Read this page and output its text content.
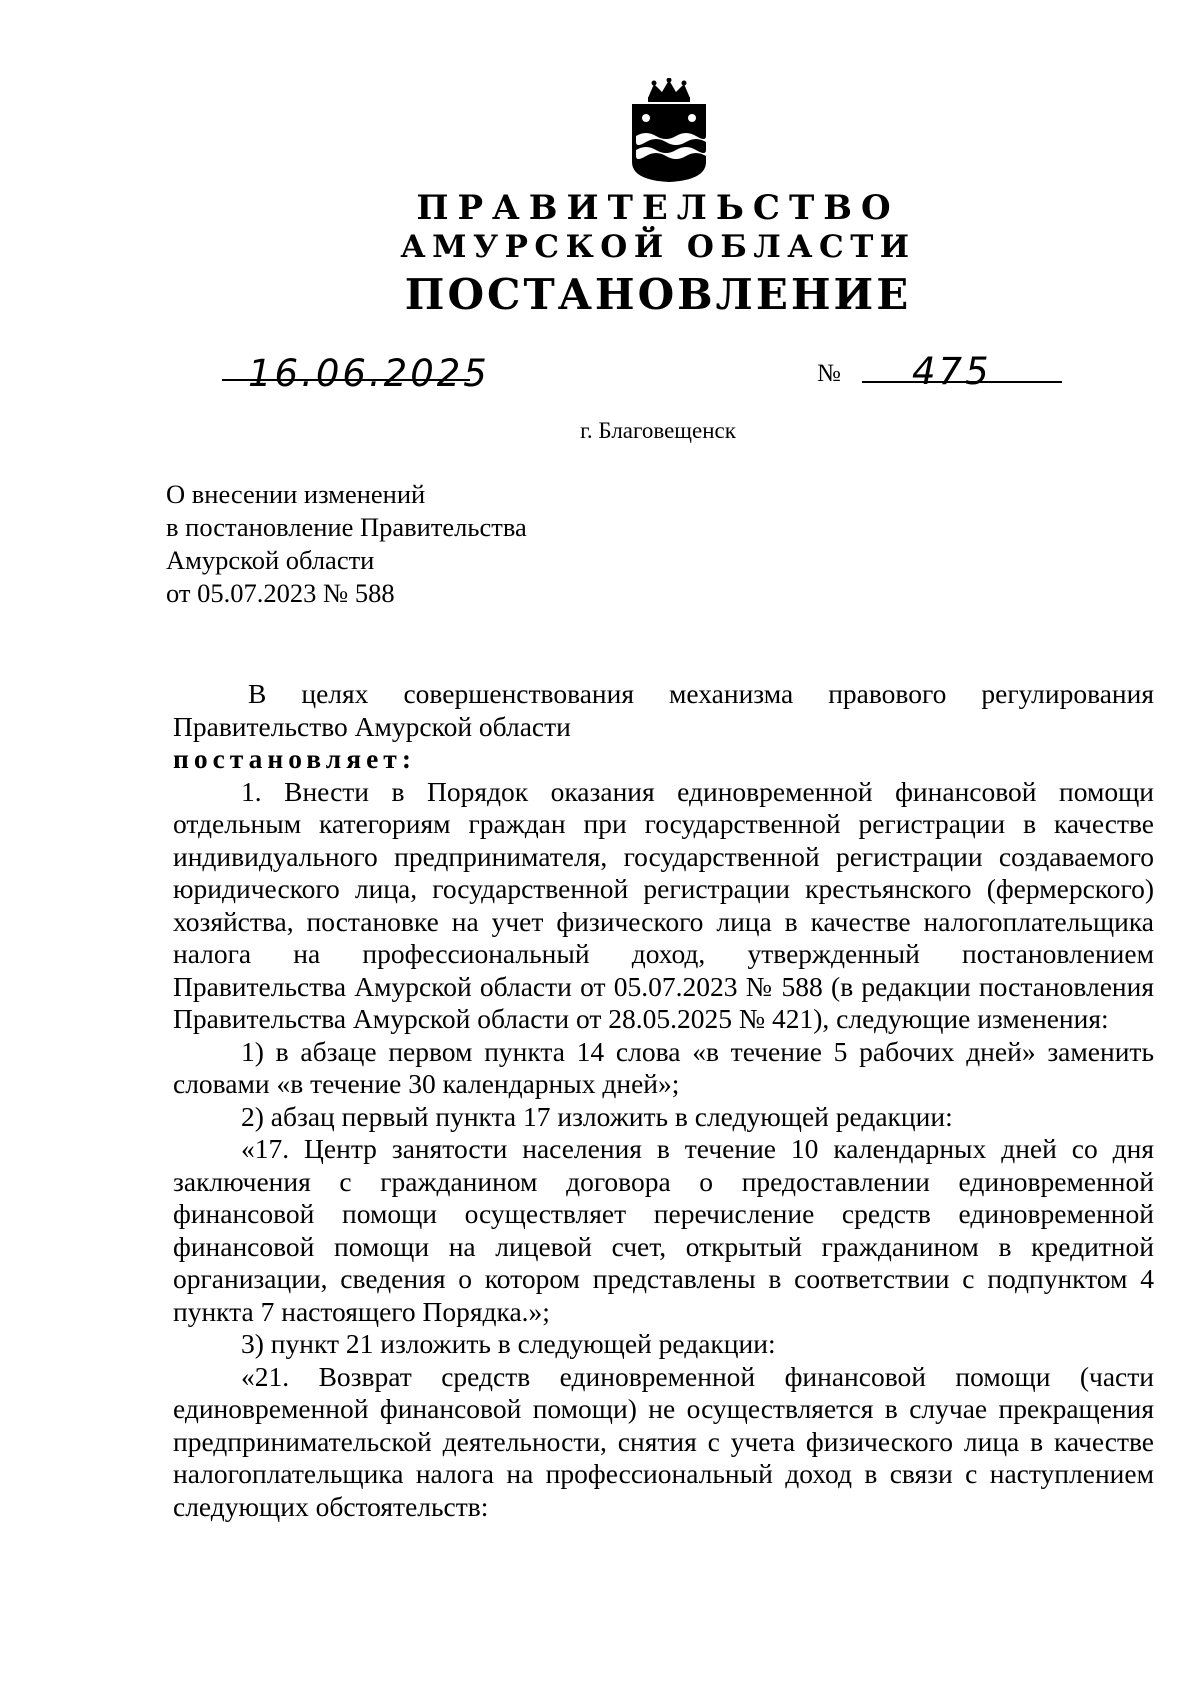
ПРАВИТЕЛЬСТВО
АМУРСКОЙ ОБЛАСТИ
ПОСТАНОВЛЕНИЕ
16.06.2025	№ 475
г. Благовещенск
О внесении изменений
в постановление Правительства
Амурской области
от 05.07.2023 № 588

В целях совершенствования механизма правового регулирования

Правительство Амурской области

постановляет:

1. Внести в Порядок оказания единовременной финансовой помощи отдельным категориям граждан при государственной регистрации в качестве индивидуального предпринимателя, государственной регистрации создаваемого юридического лица, государственной регистрации крестьянского (фермерского) хозяйства, постановке на учет физического лица в качестве налогоплательщика налога на профессиональный доход, утвержденный постановлением Правительства Амурской области от 05.07.2023 № 588 (в редакции постановления Правительства Амурской области от 28.05.2025 № 421), следующие изменения:

1) в абзаце первом пункта 14 слова «в течение 5 рабочих дней» заменить словами «в течение 30 календарных дней»;

2) абзац первый пункта 17 изложить в следующей редакции:

«17. Центр занятости населения в течение 10 календарных дней со дня заключения с гражданином договора о предоставлении единовременной финансовой помощи осуществляет перечисление средств единовременной финансовой помощи на лицевой счет, открытый гражданином в кредитной организации, сведения о котором представлены в соответствии с подпунктом 4 пункта 7 настоящего Порядка.»;

3) пункт 21 изложить в следующей редакции:

«21. Возврат средств единовременной финансовой помощи (части единовременной финансовой помощи) не осуществляется в случае прекращения предпринимательской деятельности, снятия с учета физического лица в качестве налогоплательщика налога на профессиональный доход в связи с наступлением следующих обстоятельств:
